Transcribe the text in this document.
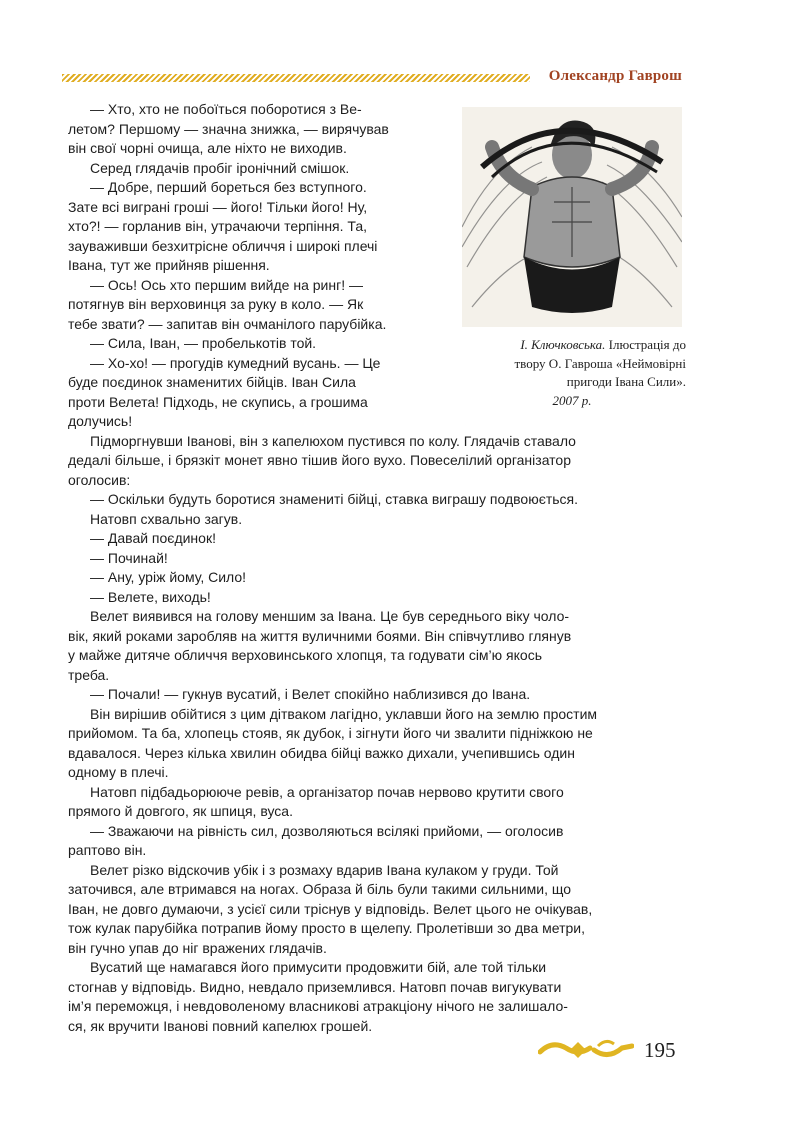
Олександр Гаврош
І. Ключковська. Ілюстрація до
твору О. Гавроша «Неймовірні
пригоди Івана Сили».

2007 р.

— Хто, хто не побоїться поборотися з Ве-

летом? Першому — значна знижка, — вирячував

він свої чорні очища, але ніхто не виходив.

Серед глядачів пробіг іронічний смішок.

— Добре, перший бореться без вступного.

Зате всі виграні гроші — його! Тільки його! Ну,

хто?! — горланив він, утрачаючи терпіння. Та,

зауваживши безхитрісне обличчя і широкі плечі

Івана, тут же прийняв рішення.

— Ось! Ось хто першим вийде на ринг! —

потягнув він верховинця за руку в коло. — Як

тебе звати? — запитав він очманілого парубійка.

— Сила, Іван, — пробелькотів той.

— Хо-хо! — прогудів кумедний вусань. — Це

буде поєдинок знаменитих бійців. Іван Сила

проти Велета! Підходь, не скупись, а грошима

долучись!

Підморгнувши Іванові, він з капелюхом пустився по колу. Глядачів ставало

дедалі більше, і брязкіт монет явно тішив його вухо. Повеселілий організатор

оголосив:

— Оскільки будуть боротися знамениті бійці, ставка виграшу подвоюється.

Натовп схвально загув.

— Давай поєдинок!

— Починай!

— Ану, уріж йому, Сило!

— Велете, виходь!

Велет виявився на голову меншим за Івана. Це був середнього віку чоло-

вік, який роками заробляв на життя вуличними боями. Він співчутливо глянув

у майже дитяче обличчя верховинського хлопця, та годувати сім’ю якось

треба.

— Почали! — гукнув вусатий, і Велет спокійно наблизився до Івана.

Він вирішив обійтися з цим дітваком лагідно, уклавши його на землю простим

прийомом. Та ба, хлопець стояв, як дубок, і зігнути його чи звалити підніжкою не

вдавалося. Через кілька хвилин обидва бійці важко дихали, учепившись один

одному в плечі.

Натовп підбадьорююче ревів, а організатор почав нервово крутити свого

прямого й довгого, як шпиця, вуса.

— Зважаючи на рівність сил, дозволяються всілякі прийоми, — оголосив

раптово він.

Велет різко відскочив убік і з розмаху вдарив Івана кулаком у груди. Той

заточився, але втримався на ногах. Образа й біль були такими сильними, що

Іван, не довго думаючи, з усієї сили тріснув у відповідь. Велет цього не очікував,

тож кулак парубійка потрапив йому просто в щелепу. Пролетівши зо два метри,

він гучно упав до ніг вражених глядачів.

Вусатий ще намагався його примусити продовжити бій, але той тільки

стогнав у відповідь. Видно, невдало приземлився. Натовп почав вигукувати

ім’я переможця, і невдоволеному власникові атракціону нічого не залишало-

ся, як вручити Іванові повний капелюх грошей.

195
